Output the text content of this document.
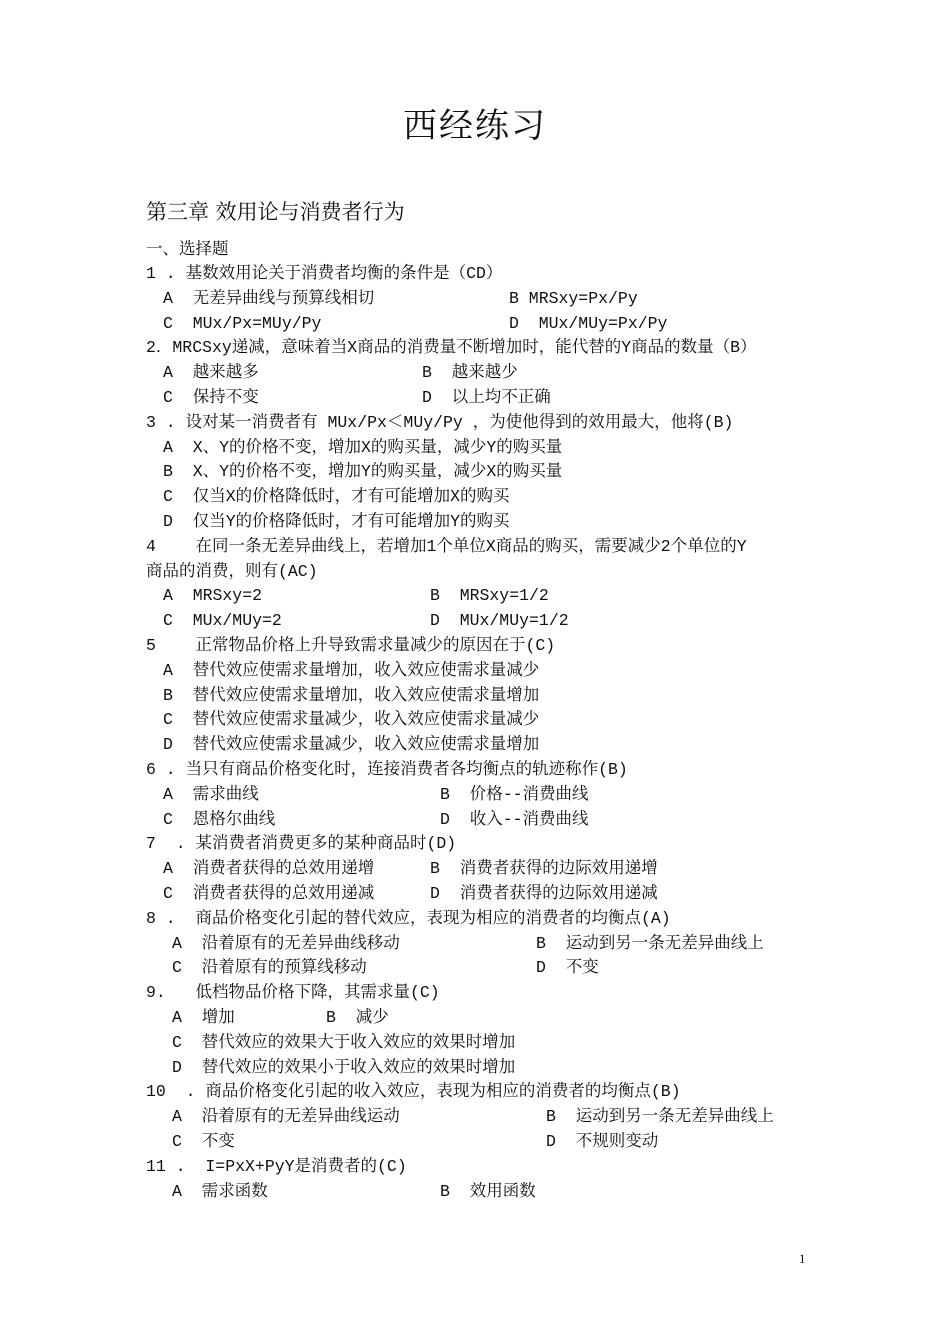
西经练习
第三章 效用论与消费者行为
一、选择题
1 . 基数效用论关于消费者均衡的条件是（CD）
A  无差异曲线与预算线相切	B MRSxy=Px/Py
C  MUx/Px=MUy/Py	D  MUx/MUy=Px/Py
2．MRCSxy递减，意味着当X商品的消费量不断增加时，能代替的Y商品的数量（B）
A  越来越多	B  越来越少
C  保持不变	D  以上均不正确
3 . 设对某一消费者有 MUx/Px＜MUy/Py ，为使他得到的效用最大，他将(B)
A  X、Y的价格不变，增加X的购买量，减少Y的购买量
B  X、Y的价格不变，增加Y的购买量，减少X的购买量
C  仅当X的价格降低时，才有可能增加X的购买
D  仅当Y的价格降低时，才有可能增加Y的购买
4    在同一条无差异曲线上，若增加1个单位X商品的购买，需要减少2个单位的Y
商品的消费，则有(AC)
A  MRSxy=2	B  MRSxy=1/2
C  MUx/MUy=2	D  MUx/MUy=1/2
5    正常物品价格上升导致需求量减少的原因在于(C)
A  替代效应使需求量增加，收入效应使需求量减少
B  替代效应使需求量增加，收入效应使需求量增加
C  替代效应使需求量减少，收入效应使需求量减少
D  替代效应使需求量减少，收入效应使需求量增加
6 . 当只有商品价格变化时，连接消费者各均衡点的轨迹称作(B)
A  需求曲线	B  价格--消费曲线
C  恩格尔曲线	D  收入--消费曲线
7  . 某消费者消费更多的某种商品时(D)
A  消费者获得的总效用递增	B  消费者获得的边际效用递增
C  消费者获得的总效用递减	D  消费者获得的边际效用递减
8 .  商品价格变化引起的替代效应，表现为相应的消费者的均衡点(A)
A  沿着原有的无差异曲线移动	B  运动到另一条无差异曲线上
C  沿着原有的预算线移动	D  不变
9.   低档物品价格下降，其需求量(C)
A  增加	B  减少
C  替代效应的效果大于收入效应的效果时增加
D  替代效应的效果小于收入效应的效果时增加
10  . 商品价格变化引起的收入效应，表现为相应的消费者的均衡点(B)
A  沿着原有的无差异曲线运动	B  运动到另一条无差异曲线上
C  不变	D  不规则变动
11 .  I=PxX+PyY是消费者的(C)
A  需求函数	B  效用函数
1
